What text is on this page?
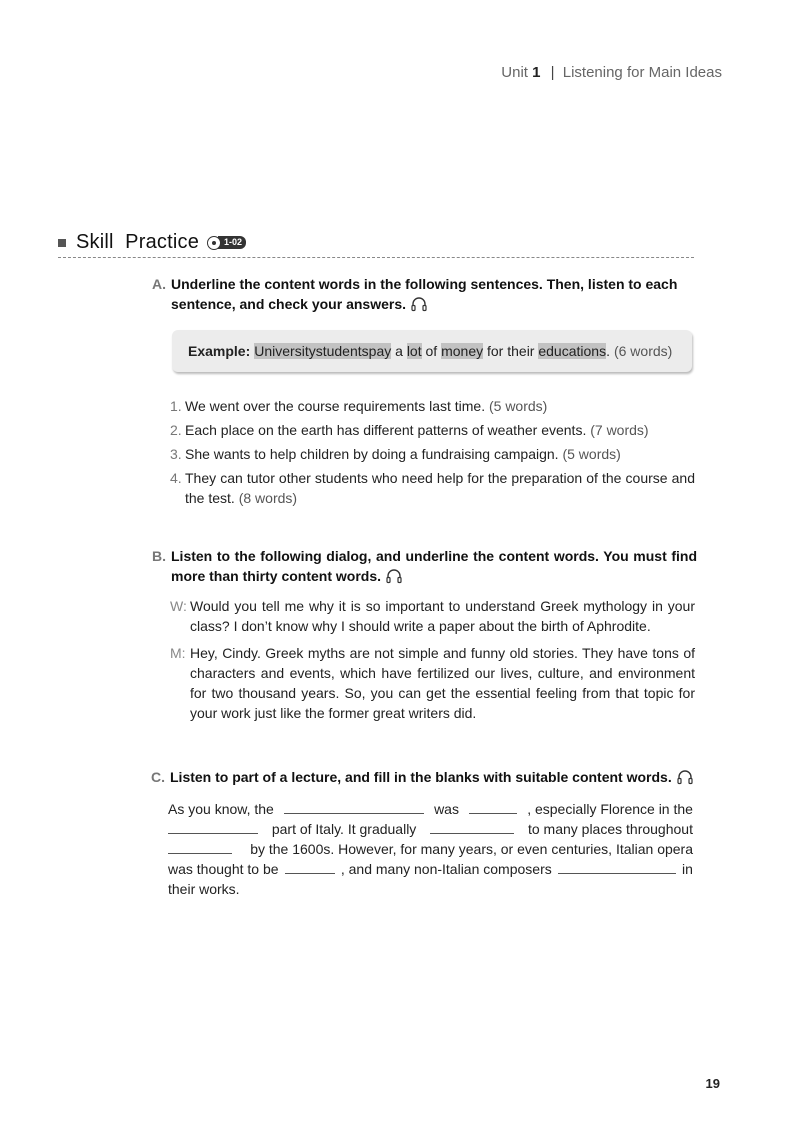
Unit 1 | Listening for Main Ideas
Skill  Practice	1-02
A. Underline the content words in the following sentences. Then, listen to each sentence, and check your answers.
Example: University students pay a lot of money for their educations . (6 words)
1. We went over the course requirements last time. (5 words)
2. Each place on the earth has different patterns of weather events. (7 words)
3. She wants to help children by doing a fundraising campaign. (5 words)
4. They can tutor other students who need help for the preparation of the course and the test. (8 words)
B. Listen to the following dialog, and underline the content words. You must find more than thirty content words.
W: Would you tell me why it is so important to understand Greek mythology in your class? I don’t know why I should write a paper about the birth of Aphrodite.
M: Hey, Cindy. Greek myths are not simple and funny old stories. They have tons of characters and events, which have fertilized our lives, culture, and environment for two thousand years. So, you can get the essential feeling from that topic for your work just like the former great writers did.
C. Listen to part of a lecture, and fill in the blanks with suitable content words.
As you know, the	was	, especially Florence in the
part of Italy. It gradually	to many places throughout
by the 1600s. However, for many years, or even centuries, Italian opera
was thought to be	, and many non-Italian composers	in
their works.
19
